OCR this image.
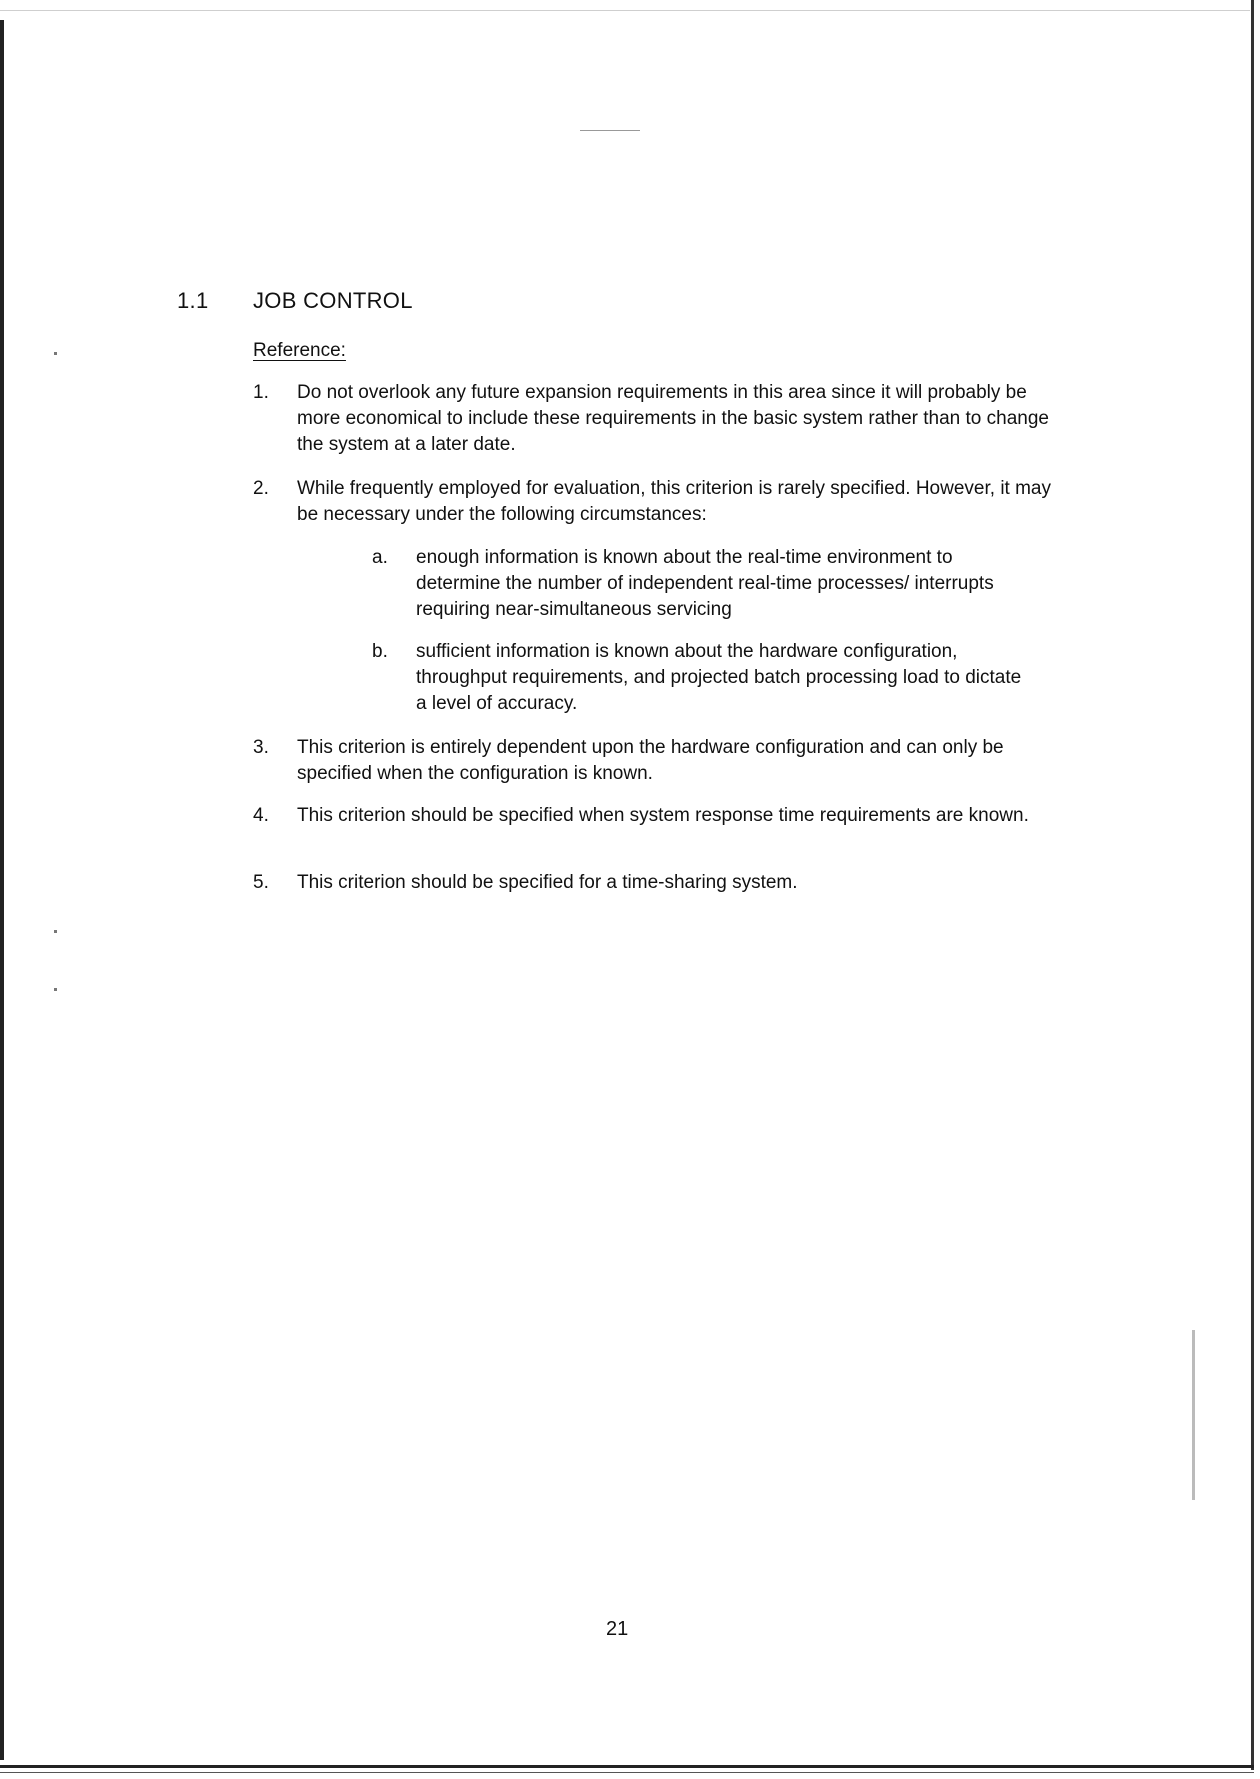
1.1 JOB CONTROL
Reference:
1. Do not overlook any future expansion requirements in this area since it will probably be more economical to include these requirements in the basic system rather than to change the system at a later date.
2. While frequently employed for evaluation, this criterion is rarely specified. However, it may be necessary under the following circumstances:
a. enough information is known about the real-time environment to determine the number of independent real-time processes/ interrupts requiring near-simultaneous servicing
b. sufficient information is known about the hardware configuration, throughput requirements, and projected batch processing load to dictate a level of accuracy.
3. This criterion is entirely dependent upon the hardware configuration and can only be specified when the configuration is known.
4. This criterion should be specified when system response time requirements are known.
5. This criterion should be specified for a time-sharing system.
21
